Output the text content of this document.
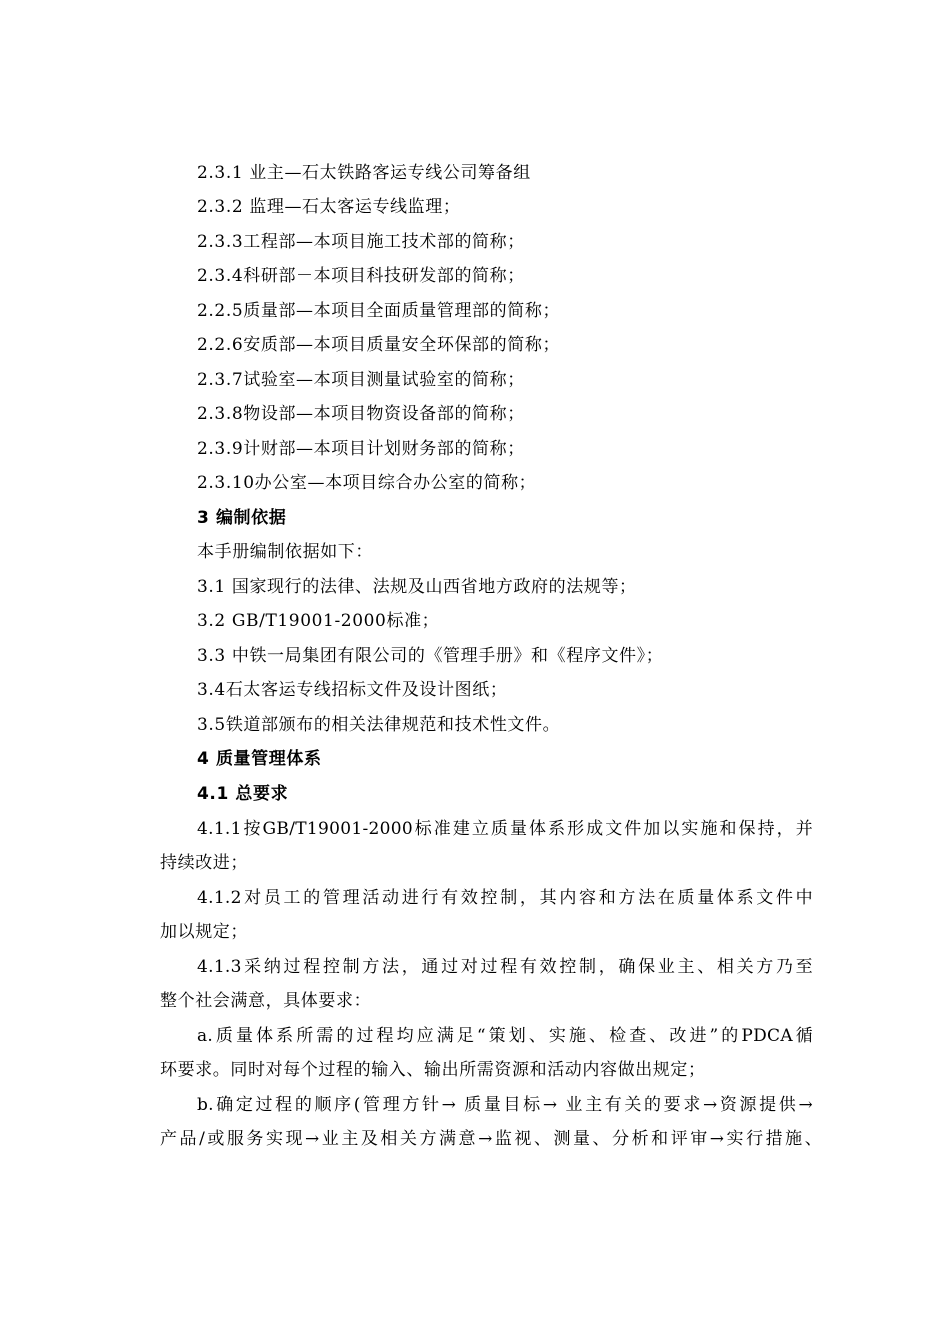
2.3.1 业主—石太铁路客运专线公司筹备组
2.3.2 监理—石太客运专线监理；
2.3.3工程部—本项目施工技术部的简称；
2.3.4科研部－本项目科技研发部的简称；
2.2.5质量部—本项目全面质量管理部的简称；
2.2.6安质部—本项目质量安全环保部的简称；
2.3.7试验室—本项目测量试验室的简称；
2.3.8物设部—本项目物资设备部的简称；
2.3.9计财部—本项目计划财务部的简称；
2.3.10办公室—本项目综合办公室的简称；
3 编制依据
本手册编制依据如下：
3.1 国家现行的法律、法规及山西省地方政府的法规等；
3.2 GB/T19001-2000标准；
3.3 中铁一局集团有限公司的《管理手册》和《程序文件》；
3.4石太客运专线招标文件及设计图纸；
3.5铁道部颁布的相关法律规范和技术性文件。
4 质量管理体系
4.1 总要求
4.1.1按GB/T19001-2000标准建立质量体系形成文件加以实施和保持，并
持续改进；
4.1.2对员工的管理活动进行有效控制，其内容和方法在质量体系文件中
加以规定；
4.1.3采纳过程控制方法，通过对过程有效控制，确保业主、相关方乃至
整个社会满意，具体要求：
a.质量体系所需的过程均应满足“策划、实施、检查、改进”的PDCA循
环要求。同时对每个过程的输入、输出所需资源和活动内容做出规定；
b.确定过程的顺序(管理方针→ 质量目标→ 业主有关的要求→资源提供→
产品/或服务实现→业主及相关方满意→监视、测量、分析和评审→实行措施、
